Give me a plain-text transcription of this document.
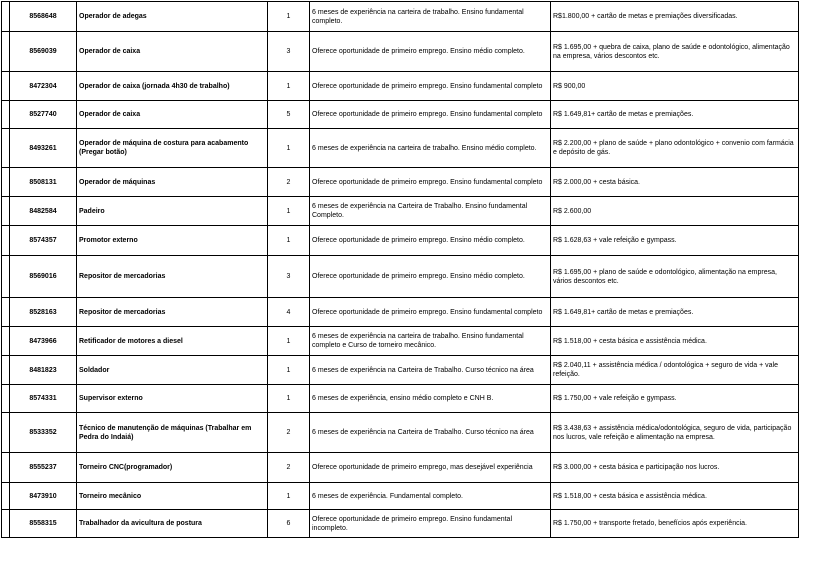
	8568648	Operador de adegas	1	6 meses de experiência na carteira de trabalho. Ensino fundamental completo.	R$1.800,00 + cartão de metas e premiações diversificadas.
	8569039	Operador de caixa	3	Oferece oportunidade de primeiro emprego. Ensino médio completo.	R$ 1.695,00 + quebra de caixa, plano de saúde e odontológico, alimentação na empresa, vários descontos etc.
	8472304	Operador de caixa (jornada 4h30 de trabalho)	1	Oferece oportunidade de primeiro emprego. Ensino fundamental completo	R$ 900,00
	8527740	Operador de caixa	5	Oferece oportunidade de primeiro emprego. Ensino fundamental completo	R$ 1.649,81+ cartão de metas e premiações.
	8493261	Operador de máquina de costura para acabamento (Pregar botão)	1	6 meses de experiência na carteira de trabalho. Ensino médio completo.	R$ 2.200,00 + plano de saúde + plano odontológico + convenio com farmácia e depósito de gás.
	8508131	Operador de máquinas	2	Oferece oportunidade de primeiro emprego. Ensino fundamental completo	R$ 2.000,00 + cesta básica.
	8482584	Padeiro	1	6 meses de experiência na Carteira de Trabalho. Ensino fundamental Completo.	R$ 2.600,00
	8574357	Promotor externo	1	Oferece oportunidade de primeiro emprego. Ensino médio completo.	R$ 1.628,63 + vale refeição e gympass.
	8569016	Repositor de mercadorias	3	Oferece oportunidade de primeiro emprego. Ensino médio completo.	R$ 1.695,00 + plano de saúde e odontológico, alimentação na empresa, vários descontos etc.
	8528163	Repositor de mercadorias	4	Oferece oportunidade de primeiro emprego. Ensino fundamental completo	R$ 1.649,81+ cartão de metas e premiações.
	8473966	Retificador de motores a diesel	1	6 meses de experiência na carteira de trabalho. Ensino fundamental completo e Curso de torneiro mecânico.	R$ 1.518,00 + cesta básica e assistência médica.
	8481823	Soldador	1	6 meses de experiência na Carteira de Trabalho. Curso técnico na área	R$ 2.040,11 + assistência médica / odontológica + seguro de vida + vale refeição.
	8574331	Supervisor externo	1	6 meses de experiência, ensino médio completo e CNH B.	R$ 1.750,00 + vale refeição e gympass.
	8533352	Técnico de manutenção de máquinas (Trabalhar em Pedra do Indaiá)	2	6 meses de experiência na Carteira de Trabalho. Curso técnico na área	R$ 3.438,63 + assistência médica/odontológica, seguro de vida, participação nos lucros, vale refeição e alimentação na empresa.
	8555237	Torneiro CNC(programador)	2	Oferece oportunidade de primeiro emprego, mas desejável experiência	R$ 3.000,00 + cesta básica e participação nos lucros.
	8473910	Torneiro mecânico	1	6 meses de experiência. Fundamental completo.	R$ 1.518,00 + cesta básica e assistência médica.
	8558315	Trabalhador da avicultura de postura	6	Oferece oportunidade de primeiro emprego. Ensino fundamental incompleto.	R$ 1.750,00 + transporte fretado, benefícios após experiência.
